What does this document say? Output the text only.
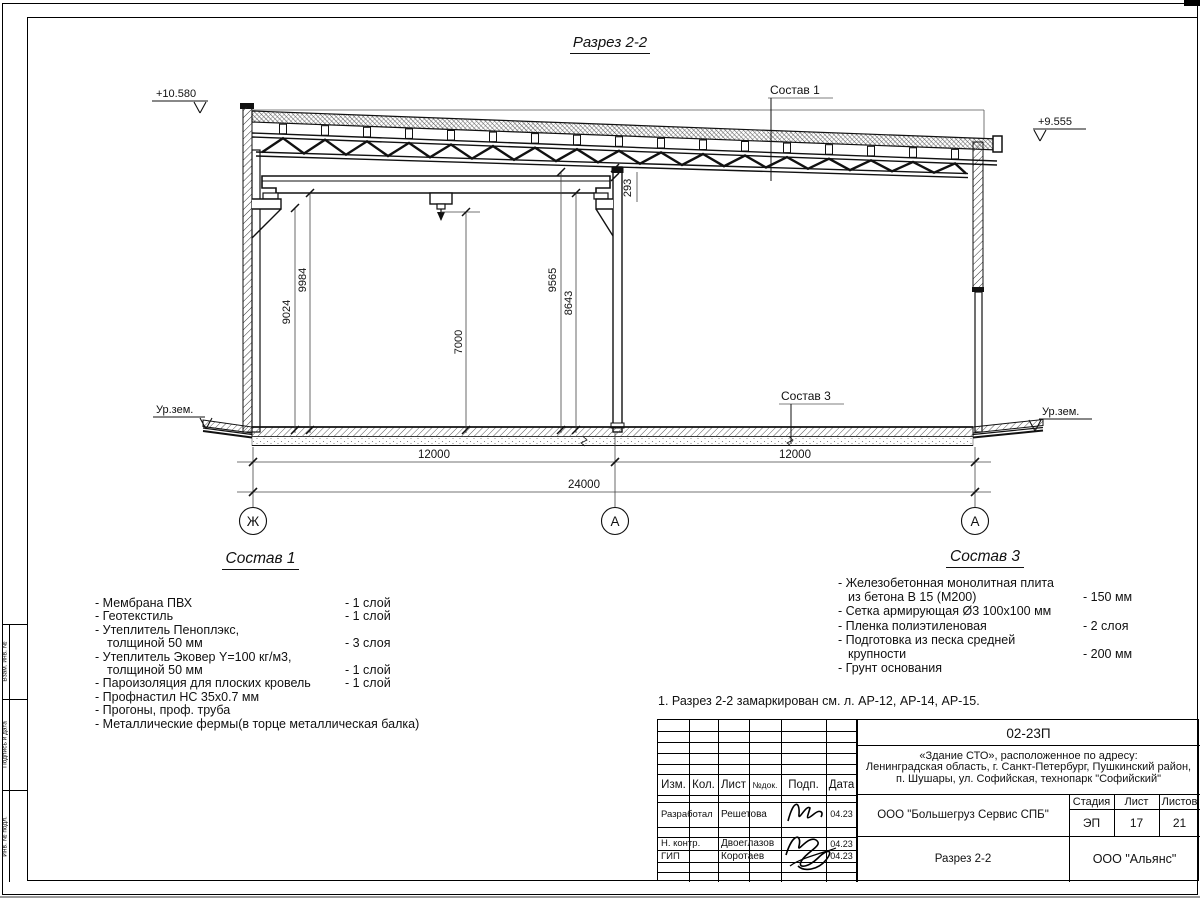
Взам. инв. №
Подпись и дата
Инв. № подл.
Разрез 2-2
9024
9984
7000
9565
8643
293
+10.580
+9.555
Ур.зем.	Ур.зем.
Состав 1
Состав 3
12000	12000
24000
Ж	А	А
Состав 1
- Мембрана ПВХ	- 1 слой
- Геотекстиль	- 1 слой
- Утеплитель Пеноплэкс,
толщиной 50 мм	- 3 слоя
- Утеплитель Эковер Y=100 кг/м3,
толщиной 50 мм	- 1 слой
- Пароизоляция для плоских кровель	- 1 слой
- Профнастил НС 35х0.7 мм
- Прогоны, проф. труба
- Металлические фермы(в торце металлическая балка)
Состав 3
- Железобетонная монолитная плита
из бетона В 15 (М200)	- 150 мм
- Сетка армирующая Ø3 100х100 мм
- Пленка полиэтиленовая	- 2 слоя
- Подготовка из песка средней
крупности	- 200 мм
- Грунт основания
1. Разрез 2-2 замаркирован см. л. АР-12, АР-14, АР-15.
Изм. Кол. Лист №док. Подп. Дата
Разработал Решетова	04.23
Н. контр.	Двоеглазов	04.23
ГИП	Коротаев	04.23
02-23П
«Здание СТО», расположенное по адресу:
Ленинградская область, г. Санкт-Петербург, Пушкинский район,
п. Шушары, ул. Софийская, технопарк "Софийский"
ООО "Большегруз Сервис СПБ"
Разрез 2-2
Стадия	Лист	Листов
ЭП	17	21
ООО "Альянс"
